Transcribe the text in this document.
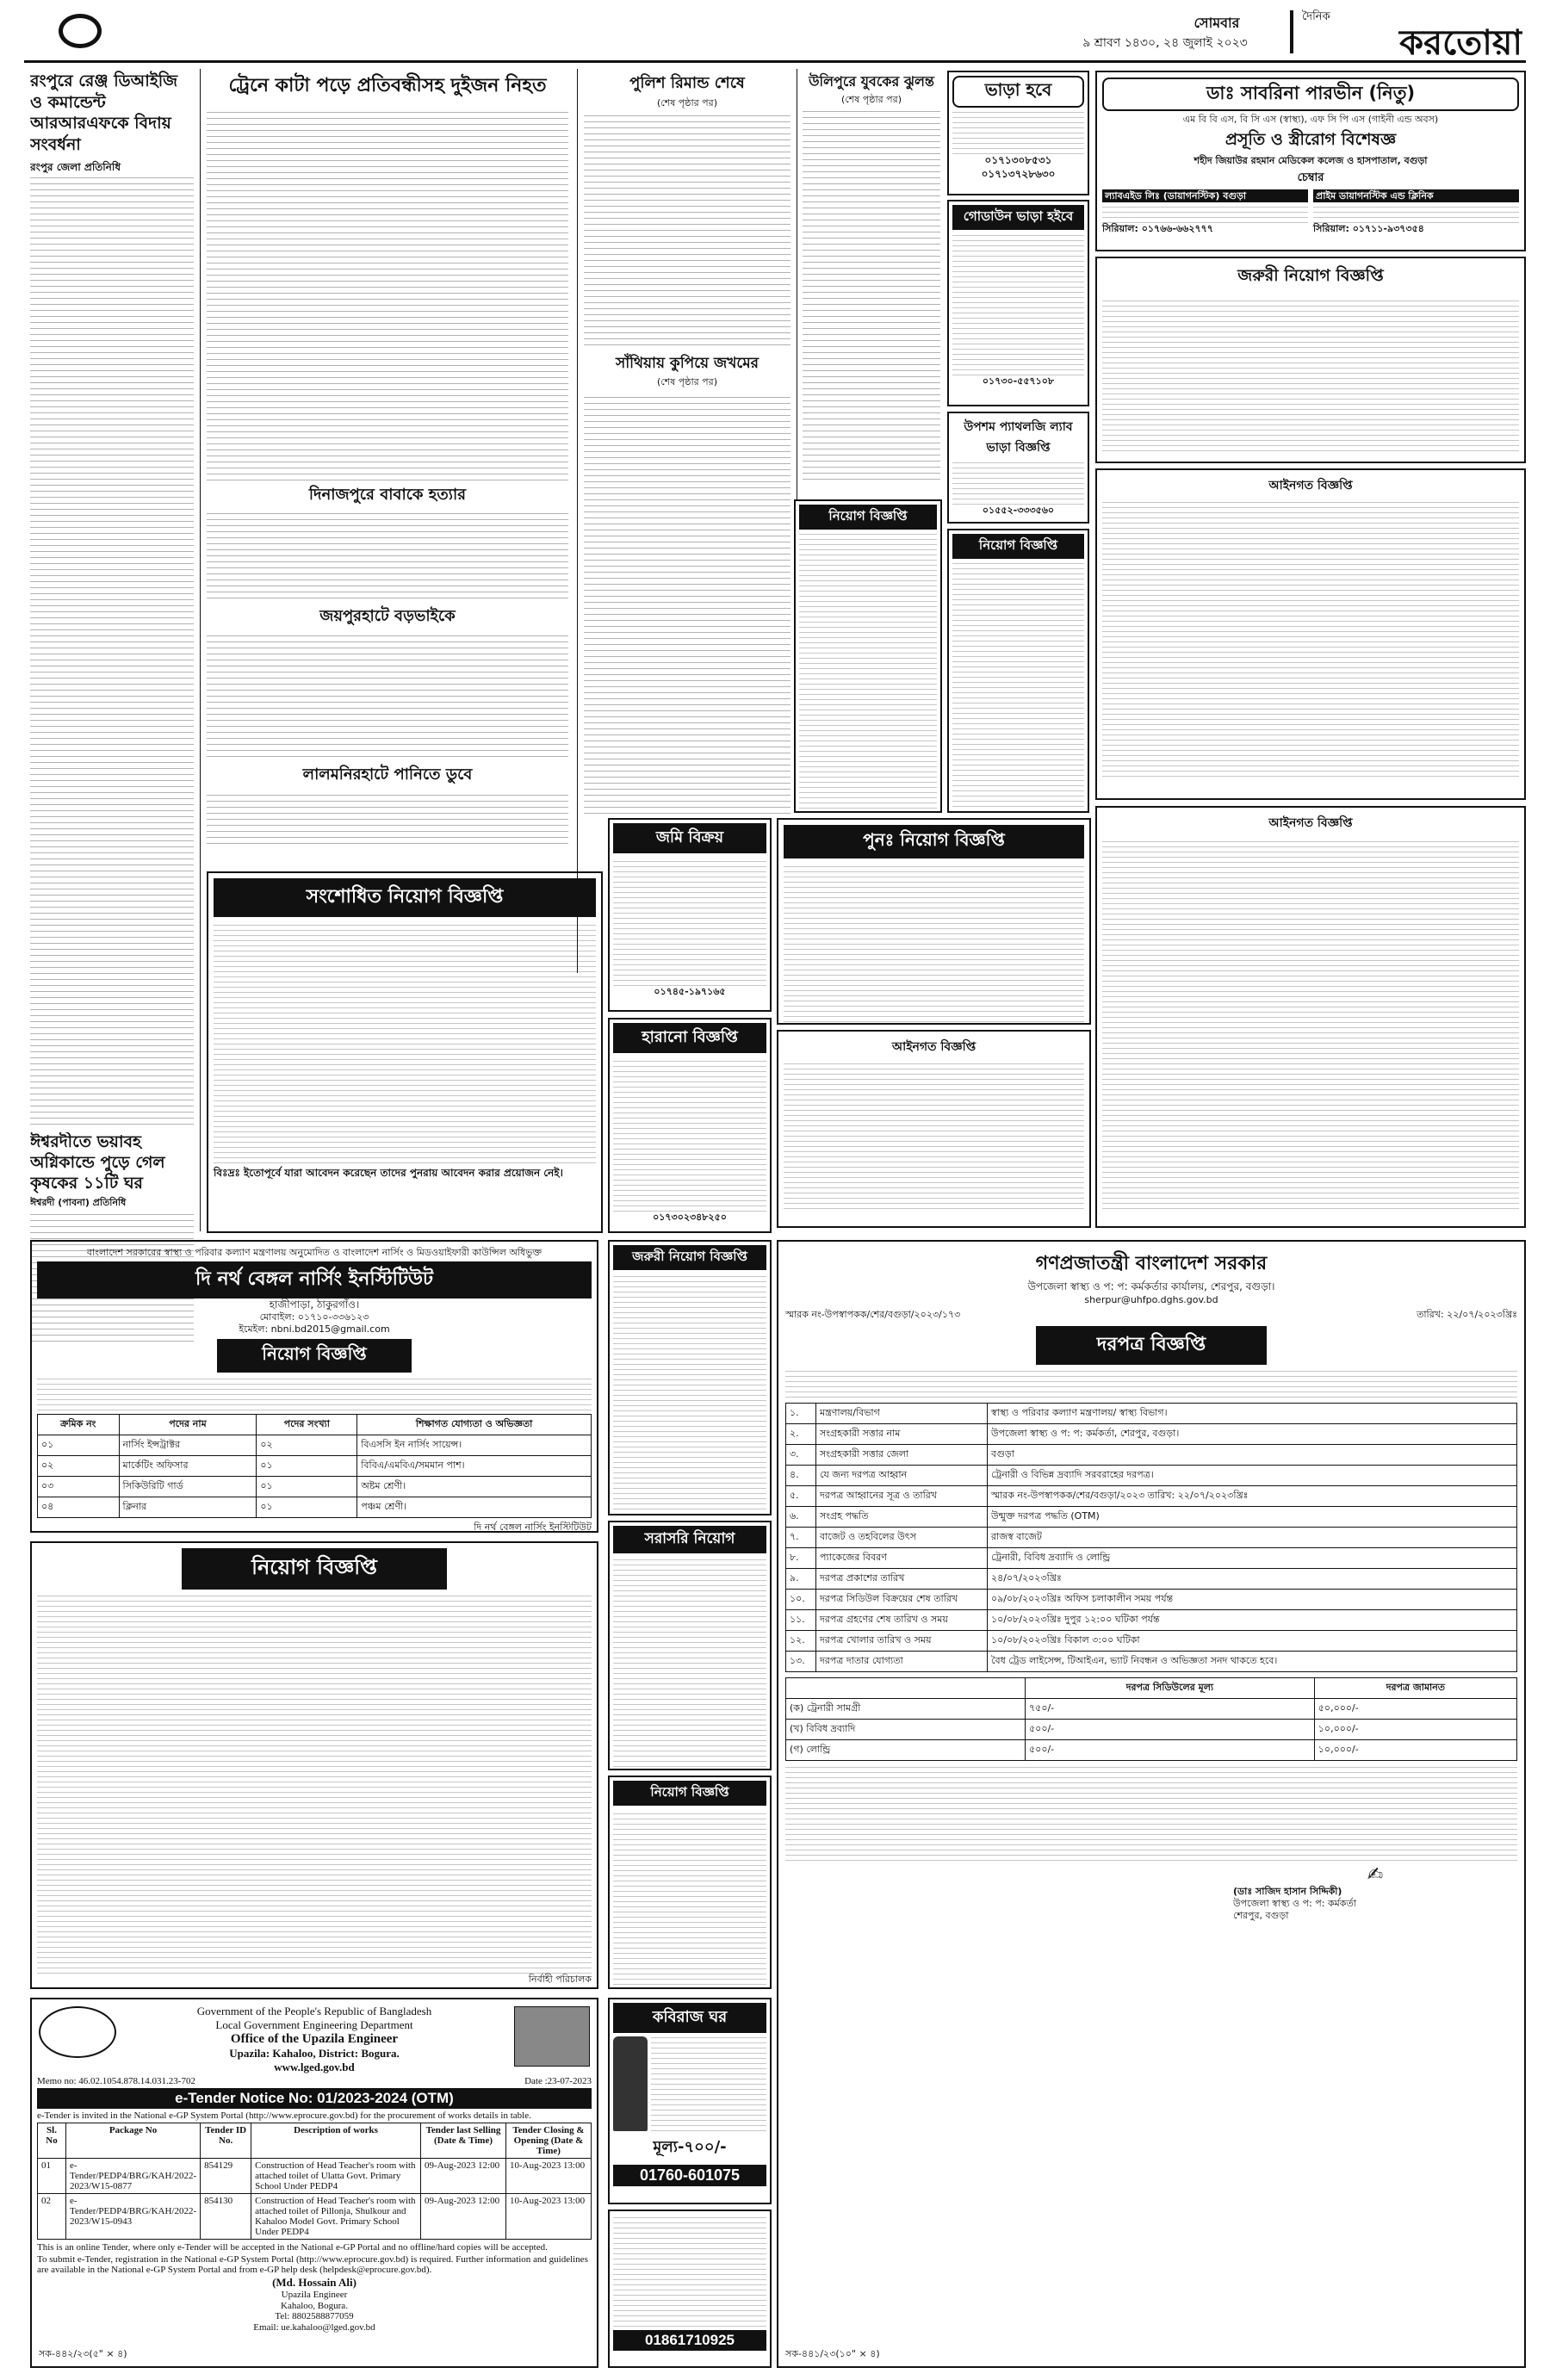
সোমবার
৯ শ্রাবণ ১৪৩০, ২৪ জুলাই ২০২৩
দৈনিক
করতোয়া
রংপুরে রেঞ্জ ডিআইজি ও কমান্ডেন্ট আরআরএফকে বিদায় সংবর্ধনা
রংপুর জেলা প্রতিনিধি
ট্রেনে কাটা পড়ে প্রতিবন্ধীসহ দুইজন নিহত
দিনাজপুরে বাবাকে হত্যার
জয়পুরহাটে বড়ভাইকে
লালমনিরহাটে পানিতে ডুবে
পুলিশ রিমান্ড শেষে
(শেষ পৃষ্ঠার পর)
সাঁথিয়ায় কুপিয়ে জখমের
(শেষ পৃষ্ঠার পর)
উলিপুরে যুবকের ঝুলন্ত
(শেষ পৃষ্ঠার পর)
ঈশ্বরদীতে ভয়াবহ অগ্নিকান্ডে পুড়ে গেল কৃষকের ১১টি ঘর
ঈশ্বরদী (পাবনা) প্রতিনিধি
ভাড়া হবে
০১৭১৩০৮৫৩১
০১৭১৩৭২৮৬৩০
গোডাউন ভাড়া হইবে
০১৭৩০-৫৫৭১০৮
উপশম প্যাথলজি ল্যাব ভাড়া বিজ্ঞপ্তি
০১৫৫২-৩৩৩৫৬০
ডাঃ সাবরিনা পারভীন (নিতু)
এম বি বি এস, বি সি এস (স্বাস্থ্য), এফ সি পি এস (গাইনী এন্ড অবস)
প্রসূতি ও স্ত্রীরোগ বিশেষজ্ঞ
শহীদ জিয়াউর রহমান মেডিকেল কলেজ ও হাসপাতাল, বগুড়া
চেম্বার
ল্যাবএইড লিঃ (ডায়াগনস্টিক) বগুড়া
সিরিয়াল: ০১৭৬৬-৬৬২৭৭৭
প্রাইম ডায়াগনস্টিক এন্ড ক্লিনিক
সিরিয়াল: ০১৭১১-৯৩৭৩৫৪
জরুরী নিয়োগ বিজ্ঞপ্তি
আইনগত বিজ্ঞপ্তি
নিয়োগ বিজ্ঞপ্তি
নিয়োগ বিজ্ঞপ্তি
সংশোধিত নিয়োগ বিজ্ঞপ্তি
বিঃদ্রঃ ইতোপূর্বে যারা আবেদন করেছেন তাদের পুনরায় আবেদন করার প্রয়োজন নেই।
জমি বিক্রয়
০১৭৪৫-১৯৭১৬৫
হারানো বিজ্ঞপ্তি
০১৭৩০২৩৪৮২৫০
পুনঃ নিয়োগ বিজ্ঞপ্তি
আইনগত বিজ্ঞপ্তি
আইনগত বিজ্ঞপ্তি
বাংলাদেশ সরকারের স্বাস্থ্য ও পরিবার কল্যাণ মন্ত্রণালয় অনুমোদিত ও বাংলাদেশ নার্সিং ও মিডওয়াইফারী কাউন্সিল অধিভুক্ত
দি নর্থ বেঙ্গল নার্সিং ইনস্টিটিউট
হাজীপাড়া, ঠাকুরগাঁও।
মোবাইল: ০১৭১০-৩৩৬১২৩
ইমেইল: nbni.bd2015@gmail.com
নিয়োগ বিজ্ঞপ্তি
ক্রমিক নং	পদের নাম	পদের সংখ্যা	শিক্ষাগত যোগ্যতা ও অভিজ্ঞতা
০১	নার্সিং ইন্সট্রাক্টর	০২	বিএসসি ইন নার্সিং সায়েন্স।
০২	মার্কেটিং অফিসার	০১	বিবিএ/এমবিএ/সমমান পাশ।
০৩	সিকিউরিটি গার্ড	০১	অষ্টম শ্রেণী।
০৪	ক্লিনার	০১	পঞ্চম শ্রেণী।
দি নর্থ বেঙ্গল নার্সিং ইনস্টিটিউট
নিয়োগ বিজ্ঞপ্তি
নির্বাহী পরিচালক
জরুরী নিয়োগ বিজ্ঞপ্তি
সরাসরি নিয়োগ
নিয়োগ বিজ্ঞপ্তি
Government of the People's Republic of Bangladesh
Local Government Engineering Department
Office of the Upazila Engineer
Upazila: Kahaloo, District: Bogura.
www.lged.gov.bd
Memo no: 46.02.1054.878.14.031.23-702	Date :23-07-2023
e-Tender Notice No: 01/2023-2024 (OTM)
e-Tender is invited in the National e-GP System Portal (http://www.eprocure.gov.bd) for the procurement of works details in table.
Sl. No	Package No	Tender ID No.	Description of works	Tender last Selling (Date & Time)	Tender Closing & Opening (Date & Time)
01	e-Tender/PEDP4/BRG/KAH/2022-2023/W15-0877	854129	Construction of Head Teacher's room with attached toilet of Ulatta Govt. Primary School Under PEDP4	09-Aug-2023 12:00	10-Aug-2023 13:00
02	e-Tender/PEDP4/BRG/KAH/2022-2023/W15-0943	854130	Construction of Head Teacher's room with attached toilet of Pillonja, Shulkour and Kahaloo Model Govt. Primary School Under PEDP4	09-Aug-2023 12:00	10-Aug-2023 13:00
This is an online Tender, where only e-Tender will be accepted in the National e-GP Portal and no offline/hard copies will be accepted.
To submit e-Tender, registration in the National e-GP System Portal (http://www.eprocure.gov.bd) is required. Further information and guidelines are available in the National e-GP System Portal and from e-GP help desk (helpdesk@eprocure.gov.bd).
(Md. Hossain Ali)
Upazila Engineer
Kahaloo, Bogura.
Tel: 8802588877059
Email: ue.kahaloo@lged.gov.bd
সক-৪৪২/২৩(৫" × ৪)
কবিরাজ ঘর
মূল্য-৭০০/-
01760-601075
01861710925
গণপ্রজাতন্ত্রী বাংলাদেশ সরকার
উপজেলা স্বাস্থ্য ও প: প: কর্মকর্তার কার্যালয়, শেরপুর, বগুড়া।
sherpur@uhfpo.dghs.gov.bd
স্মারক নং-উপস্বাপকক/শের/বগুড়া/২০২৩/১৭৩	তারিখ: ২২/০৭/২০২৩খ্রিঃ
দরপত্র বিজ্ঞপ্তি
১.	মন্ত্রণালয়/বিভাগ	স্বাস্থ্য ও পরিবার কল্যাণ মন্ত্রণালয়/ স্বাস্থ্য বিভাগ।
২.	সংগ্রহকারী সত্তার নাম	উপজেলা স্বাস্থ্য ও প: প: কর্মকর্তা, শেরপুর, বগুড়া।
৩.	সংগ্রহকারী সত্তার জেলা	বগুড়া
৪.	যে জন্য দরপত্র আহ্বান	ট্রেনারী ও বিভিন্ন দ্রব্যাদি সরবরাহের দরপত্র।
৫.	দরপত্র আহ্বানের সূত্র ও তারিখ	স্মারক নং-উপস্বাপকক/শের/বগুড়া/২০২৩ তারিখ: ২২/০৭/২০২৩খ্রিঃ
৬.	সংগ্রহ পদ্ধতি	উন্মুক্ত দরপত্র পদ্ধতি (OTM)
৭.	বাজেট ও তহবিলের উৎস	রাজস্ব বাজেট
৮.	প্যাকেজের বিবরণ	ট্রেনারী, বিবিধ দ্রব্যাদি ও লোন্ড্রি
৯.	দরপত্র প্রকাশের তারিখ	২৪/০৭/২০২৩খ্রিঃ
১০.	দরপত্র সিডিউল বিক্রয়ের শেষ তারিখ	০৯/০৮/২০২৩খ্রিঃ অফিস চলাকালীন সময় পর্যন্ত
১১.	দরপত্র গ্রহণের শেষ তারিখ ও সময়	১০/০৮/২০২৩খ্রিঃ দুপুর ১২:০০ ঘটিকা পর্যন্ত
১২.	দরপত্র খোলার তারিখ ও সময়	১০/০৮/২০২৩খ্রিঃ বিকাল ৩:০০ ঘটিকা
১৩.	দরপত্র দাতার যোগ্যতা	বৈধ ট্রেড লাইসেন্স, টিআইএন, ভ্যাট নিবন্ধন ও অভিজ্ঞতা সনদ থাকতে হবে।
	দরপত্র সিডিউলের মূল্য	দরপত্র জামানত
(ক) ট্রেনারী সামগ্রী	৭৫০/-	৫০,০০০/-
(খ) বিবিধ দ্রব্যাদি	৫০০/-	১০,০০০/-
(গ) লোন্ড্রি	৫০০/-	১০,০০০/-
✍
(ডাঃ সাজিদ হাসান সিদ্দিকী)
উপজেলা স্বাস্থ্য ও প: প: কর্মকর্তা
শেরপুর, বগুড়া
সক-৪৪১/২৩(১০" × ৪)
